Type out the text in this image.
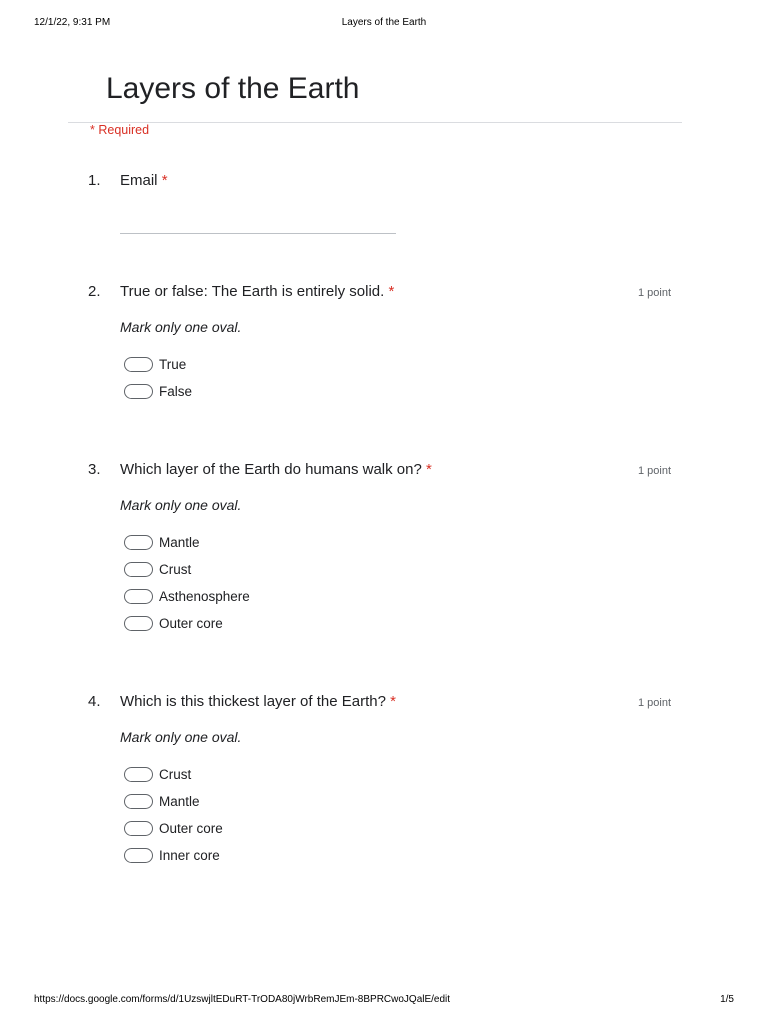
12/1/22, 9:31 PM	Layers of the Earth
https://docs.google.com/forms/d/1UzswjltEDuRT-TrODA80jWrbRemJEm-8BPRCwoJQalE/edit	1/5
Layers of the Earth
* Required
1. Email *
2. True or false: The Earth is entirely solid. *	1 point
Mark only one oval.
True
False
3. Which layer of the Earth do humans walk on? *	1 point
Mark only one oval.
Mantle
Crust
Asthenosphere
Outer core
4. Which is this thickest layer of the Earth? *	1 point
Mark only one oval.
Crust
Mantle
Outer core
Inner core
